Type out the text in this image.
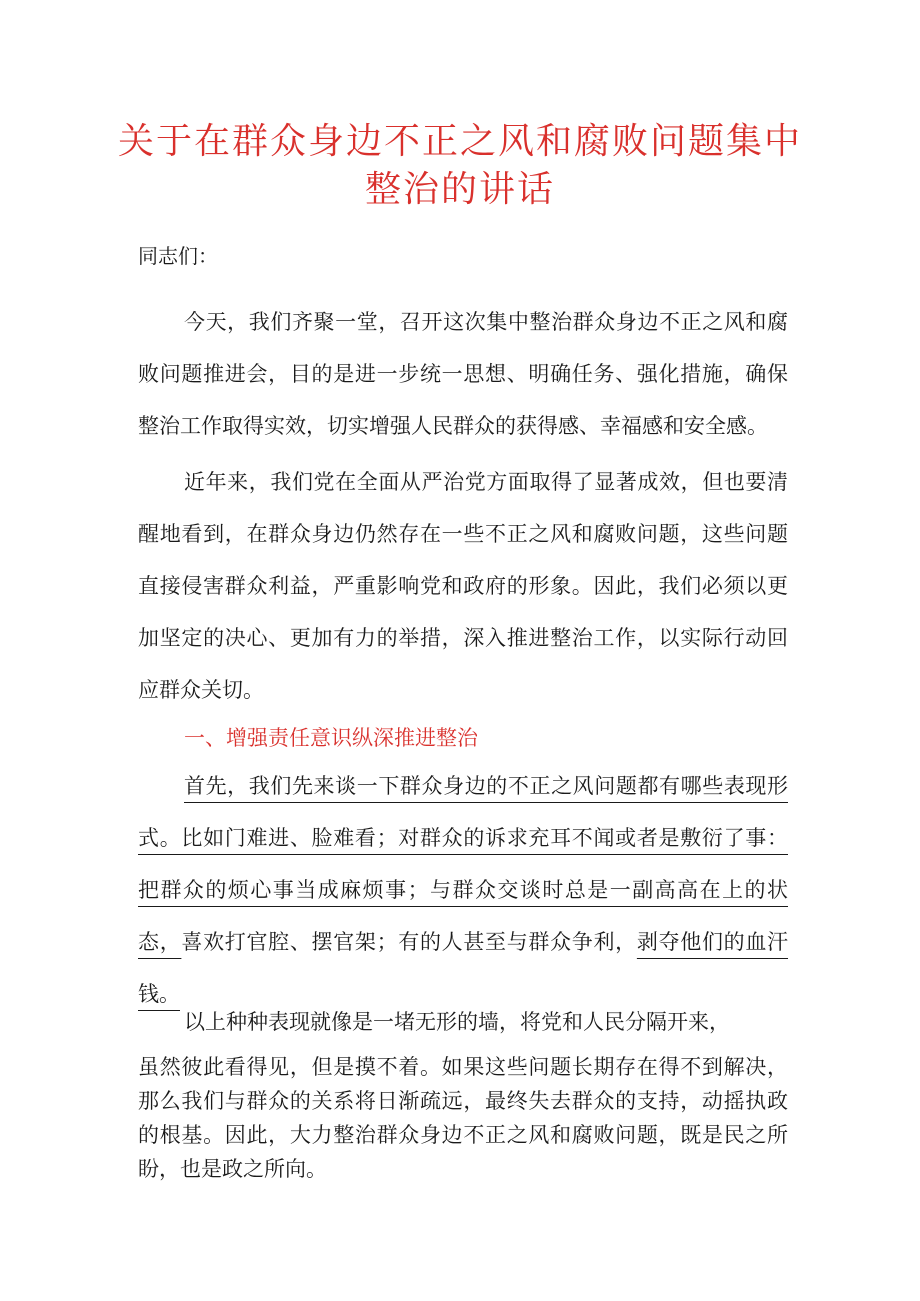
关于在群众身边不正之风和腐败问题集中
整治的讲话
同志们：

今天，我们齐聚一堂，召开这次集中整治群众身边不正之风和腐败问题推进会，目的是进一步统一思想、明确任务、强化措施，确保整治工作取得实效，切实增强人民群众的获得感、幸福感和安全感。

近年来，我们党在全面从严治党方面取得了显著成效，但也要清醒地看到，在群众身边仍然存在一些不正之风和腐败问题，这些问题直接侵害群众利益，严重影响党和政府的形象。因此，我们必须以更加坚定的决心、更加有力的举措，深入推进整治工作，以实际行动回应群众关切。

一、增强责任意识纵深推进整治

首先，我们先来谈一下群众身边的不正之风问题都有哪些表现形式。比如门难进、脸难看；对群众的诉求充耳不闻或者是敷衍了事：把群众的烦心事当成麻烦事；与群众交谈时总是一副高高在上的状态，喜欢打官腔、摆官架；有的人甚至与群众争利，剥夺他们的血汗钱。

以上种种表现就像是一堵无形的墙，将党和人民分隔开来，

虽然彼此看得见，但是摸不着。如果这些问题长期存在得不到解决，那么我们与群众的关系将日渐疏远，最终失去群众的支持，动摇执政的根基。因此，大力整治群众身边不正之风和腐败问题，既是民之所盼，也是政之所向。
